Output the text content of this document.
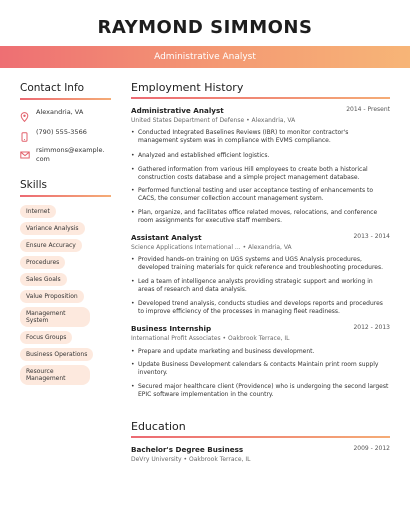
RAYMOND SIMMONS
Administrative Analyst
Contact Info
Alexandria, VA
(790) 555-3566
rsimmons@example.com
Skills
Internet
Variance Analysis
Ensure Accuracy
Procedures
Sales Goals
Value Proposition
Management System
Focus Groups
Business Operations
Resource Management
Employment History
Administrative Analyst	2014 - Present
United States Department of Defense • Alexandria, VA
• Conducted Integrated Baselines Reviews (IBR) to monitor contractor's management system was in compliance with EVMS compliance.
• Analyzed and established efficient logistics.
• Gathered information from various Hill employees to create both a historical construction costs database and a simple project management database.
• Performed functional testing and user acceptance testing of enhancements to CACS, the consumer collection account management system.
• Plan, organize, and facilitates office related moves, relocations, and conference room assignments for executive staff members.
Assistant Analyst	2013 - 2014
Science Applications International ... • Alexandria, VA
• Provided hands-on training on UGS systems and UGS Analysis procedures, developed training materials for quick reference and troubleshooting procedures.
• Led a team of intelligence analysts providing strategic support and working in areas of research and data analysis.
• Developed trend analysis, conducts studies and develops reports and procedures to improve efficiency of the processes in managing fleet readiness.
Business Internship	2012 - 2013
International Profit Associates • Oakbrook Terrace, IL
• Prepare and update marketing and business development.
• Update Business Development calendars & contacts Maintain print room supply inventory.
• Secured major healthcare client (Providence) who is undergoing the second largest EPIC software implementation in the country.
Education
Bachelor's Degree Business	2009 - 2012
DeVry University • Oakbrook Terrace, IL
